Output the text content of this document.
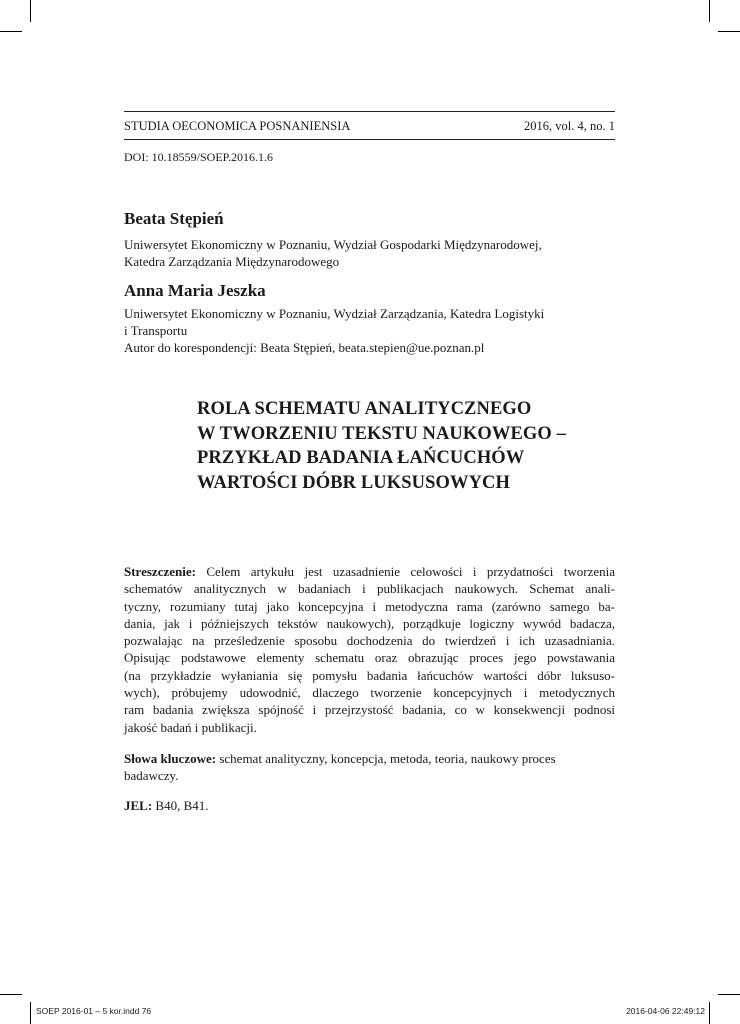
STUDIA OECONOMICA POSNANIENSIA	2016, vol. 4, no. 1
DOI: 10.18559/SOEP.2016.1.6
Beata Stępień
Uniwersytet Ekonomiczny w Poznaniu, Wydział Gospodarki Międzynarodowej,
Katedra Zarządzania Międzynarodowego
Anna Maria Jeszka
Uniwersytet Ekonomiczny w Poznaniu, Wydział Zarządzania, Katedra Logistyki
i Transportu
Autor do korespondencji: Beata Stępień, beata.stepien@ue.poznan.pl
ROLA SCHEMATU ANALITYCZNEGO
W TWORZENIU TEKSTU NAUKOWEGO –
PRZYKŁAD BADANIA ŁAŃCUCHÓW
WARTOŚCI DÓBR LUKSUSOWYCH
Streszczenie: Celem artykułu jest uzasadnienie celowości i przydatności tworzenia
schematów analitycznych w badaniach i publikacjach naukowych. Schemat anali-
tyczny, rozumiany tutaj jako koncepcyjna i metodyczna rama (zarówno samego ba-
dania, jak i późniejszych tekstów naukowych), porządkuje logiczny wywód badacza,
pozwalając na prześledzenie sposobu dochodzenia do twierdzeń i ich uzasadniania.
Opisując podstawowe elementy schematu oraz obrazując proces jego powstawania
(na przykładzie wyłaniania się pomysłu badania łańcuchów wartości dóbr luksuso-
wych), próbujemy udowodnić, dlaczego tworzenie koncepcyjnych i metodycznych
ram badania zwiększa spójność i przejrzystość badania, co w konsekwencji podnosi
jakość badań i publikacji.
Słowa kluczowe: schemat analityczny, koncepcja, metoda, teoria, naukowy proces
badawczy.
JEL: B40, B41.
SOEP 2016-01 – 5 kor.indd 76	2016-04-06 22:49:12
